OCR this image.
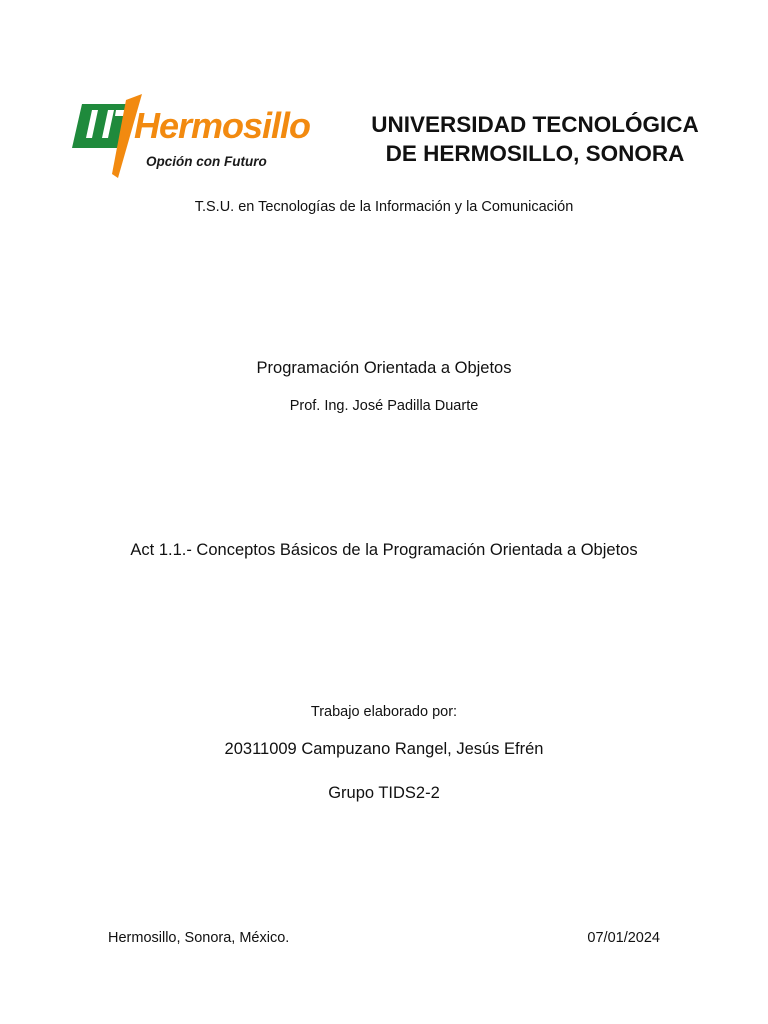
Hermosillo
Opción con Futuro
UNIVERSIDAD TECNOLÓGICA
DE HERMOSILLO, SONORA
T.S.U. en Tecnologías de la Información y la Comunicación
Programación Orientada a Objetos
Prof. Ing. José Padilla Duarte
Act 1.1.- Conceptos Básicos de la Programación Orientada a Objetos
Trabajo elaborado por:
20311009 Campuzano Rangel, Jesús Efrén
Grupo TIDS2-2
Hermosillo, Sonora, México.	07/01/2024
